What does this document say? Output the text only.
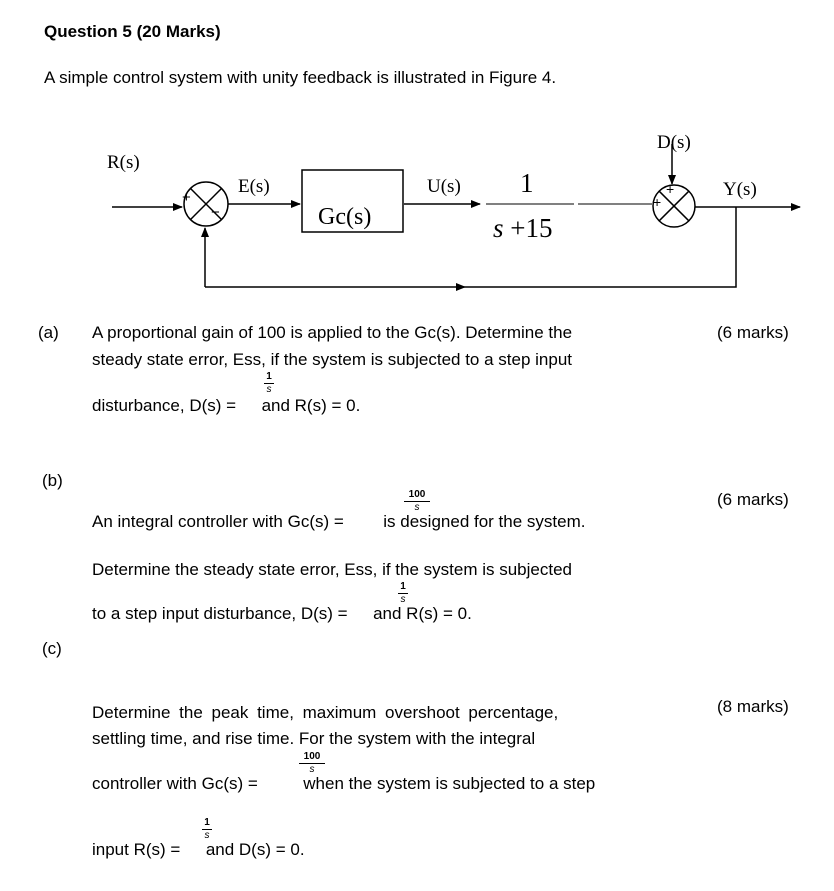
Question 5 (20 Marks)
A simple control system with unity feedback is illustrated in Figure 4.
R(s)
E(s)	U(s)	Y(s)
D(s)
Gc(s)
1
s +15
+
−
+
+
(a)	(6 marks)
A proportional gain of 100 is applied to the Gc(s). Determine the
steady state error, Ess, if the system is subjected to a step input
disturbance, D(s) = and R(s) = 0.
1
s
(b)
(6 marks)
An integral controller with Gc(s) = is designed for the system.
100
s
Determine the steady state error, Ess, if the system is subjected
to a step input disturbance, D(s) = and R(s) = 0.
1
s
(c)
(8 marks)
Determine the peak time, maximum overshoot percentage,
settling time, and rise time. For the system with the integral
controller with Gc(s) =	when the system is subjected to a step
100
s
input R(s) = and D(s) = 0.
1
s
